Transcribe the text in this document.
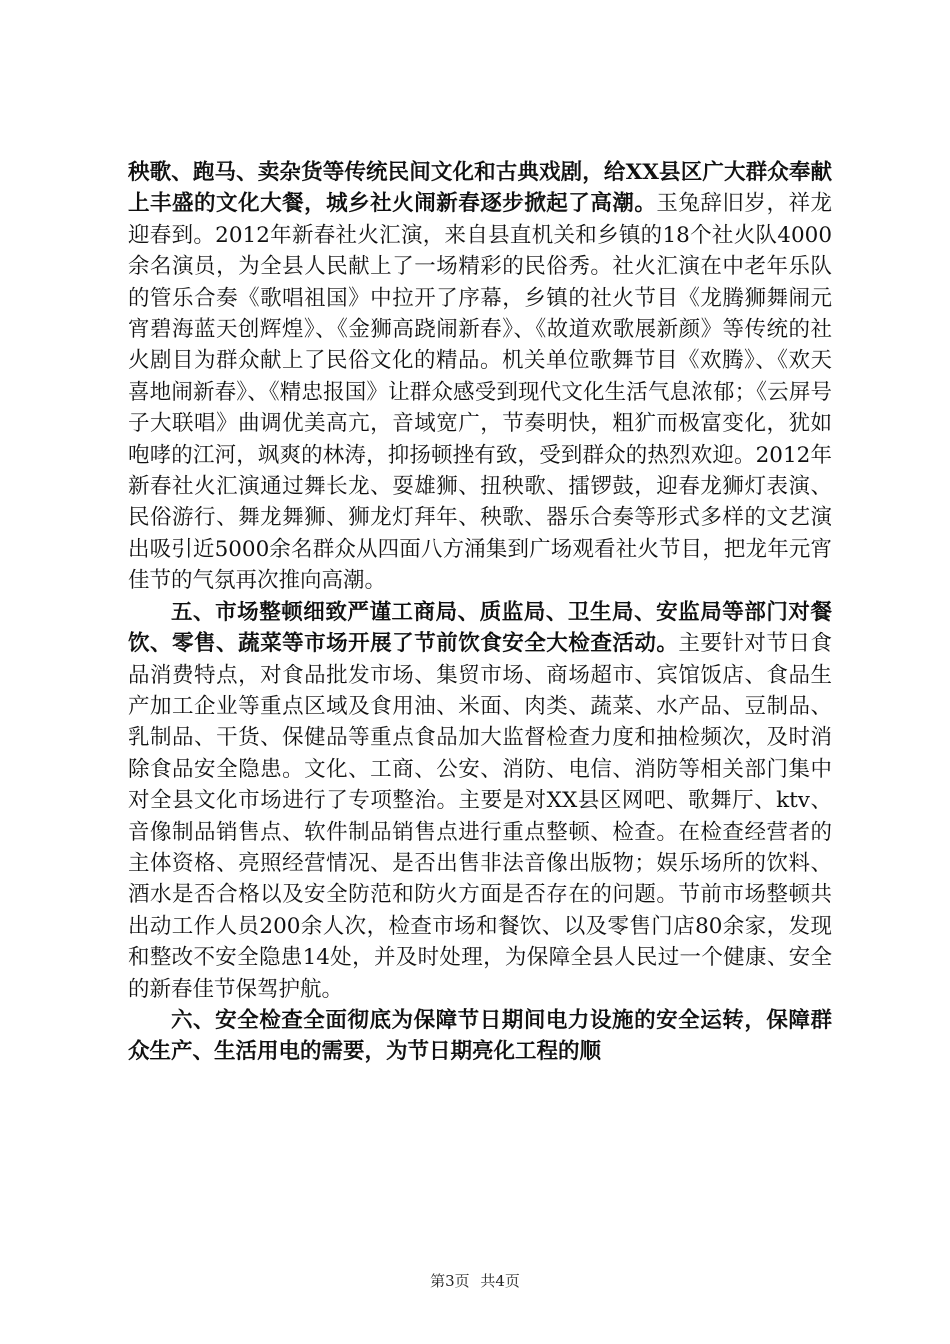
秧歌、跑马、卖杂货等传统民间文化和古典戏剧，给XX县区广大群众奉献上丰盛的文化大餐，城乡社火闹新春逐步掀起了高潮。玉兔辞旧岁，祥龙迎春到。2012年新春社火汇演，来自县直机关和乡镇的18个社火队4000余名演员，为全县人民献上了一场精彩的民俗秀。社火汇演在中老年乐队的管乐合奏《歌唱祖国》中拉开了序幕，乡镇的社火节目《龙腾狮舞闹元宵碧海蓝天创辉煌》、《金狮高跷闹新春》、《故道欢歌展新颜》等传统的社火剧目为群众献上了民俗文化的精品。机关单位歌舞节目《欢腾》、《欢天喜地闹新春》、《精忠报国》让群众感受到现代文化生活气息浓郁；《云屏号子大联唱》曲调优美高亢，音域宽广，节奏明快，粗犷而极富变化，犹如咆哮的江河，飒爽的林涛，抑扬顿挫有致，受到群众的热烈欢迎。2012年新春社火汇演通过舞长龙、耍雄狮、扭秧歌、擂锣鼓，迎春龙狮灯表演、民俗游行、舞龙舞狮、狮龙灯拜年、秧歌、器乐合奏等形式多样的文艺演出吸引近5000余名群众从四面八方涌集到广场观看社火节目，把龙年元宵佳节的气氛再次推向高潮。

五、市场整顿细致严谨工商局、质监局、卫生局、安监局等部门对餐饮、零售、蔬菜等市场开展了节前饮食安全大检查活动。主要针对节日食品消费特点，对食品批发市场、集贸市场、商场超市、宾馆饭店、食品生产加工企业等重点区域及食用油、米面、肉类、蔬菜、水产品、豆制品、乳制品、干货、保健品等重点食品加大监督检查力度和抽检频次，及时消除食品安全隐患。文化、工商、公安、消防、电信、消防等相关部门集中对全县文化市场进行了专项整治。主要是对XX县区网吧、歌舞厅、ktv、音像制品销售点、软件制品销售点进行重点整顿、检查。在检查经营者的主体资格、亮照经营情况、是否出售非法音像出版物；娱乐场所的饮料、酒水是否合格以及安全防范和防火方面是否存在的问题。节前市场整顿共出动工作人员200余人次，检查市场和餐饮、以及零售门店80余家，发现和整改不安全隐患14处，并及时处理，为保障全县人民过一个健康、安全的新春佳节保驾护航。

六、安全检查全面彻底为保障节日期间电力设施的安全运转，保障群众生产、生活用电的需要，为节日期亮化工程的顺

第3页 共4页
